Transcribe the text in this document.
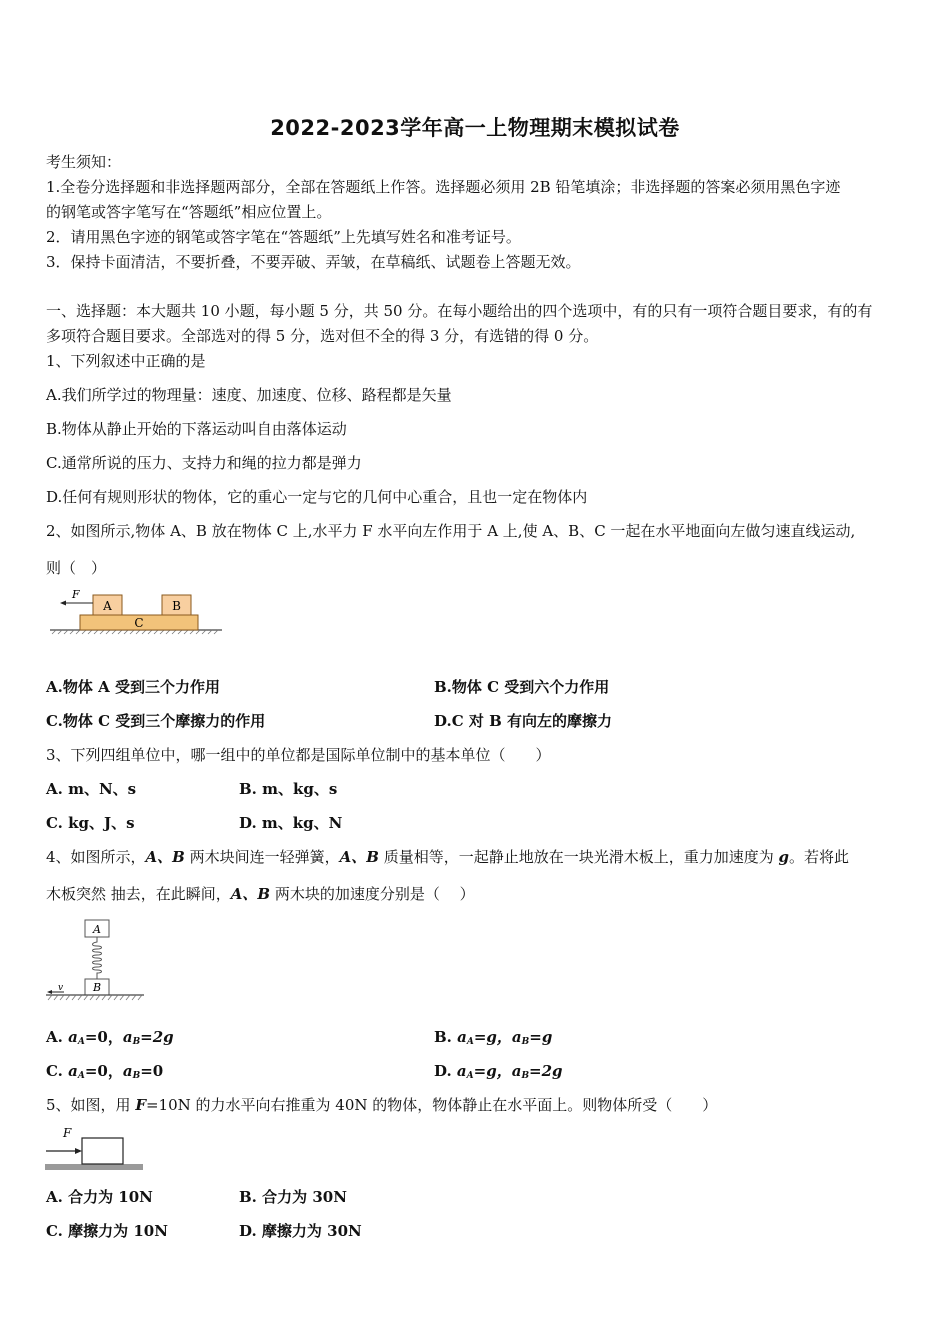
2022-2023学年高一上物理期末模拟试卷
考生须知：
1.全卷分选择题和非选择题两部分，全部在答题纸上作答。选择题必须用 2B 铅笔填涂；非选择题的答案必须用黑色字迹
的钢笔或答字笔写在“答题纸”相应位置上。
2．请用黑色字迹的钢笔或答字笔在“答题纸”上先填写姓名和准考证号。
3．保持卡面清洁，不要折叠，不要弄破、弄皱，在草稿纸、试题卷上答题无效。
一、选择题：本大题共 10 小题，每小题 5 分，共 50 分。在每小题给出的四个选项中，有的只有一项符合题目要求，有的有
多项符合题目要求。全部选对的得 5 分，选对但不全的得 3 分，有选错的得 0 分。
1、下列叙述中正确的是
A.我们所学过的物理量：速度、加速度、位移、路程都是矢量
B.物体从静止开始的下落运动叫自由落体运动
C.通常所说的压力、支持力和绳的拉力都是弹力
D.任何有规则形状的物体，它的重心一定与它的几何中心重合，且也一定在物体内
2、如图所示,物体 A、B 放在物体 C 上,水平力 F 水平向左作用于 A 上,使 A、B、C 一起在水平地面向左做匀速直线运动,
则（　）
C
A	B
F
A.物体 A 受到三个力作用	B.物体 C 受到六个力作用
C.物体 C 受到三个摩擦力的作用	D.C 对 B 有向左的摩擦力
3、下列四组单位中，哪一组中的单位都是国际单位制中的基本单位（　　）
A. m、N、s	B. m、kg、s
C. kg、J、s	D. m、kg、N
4、如图所示，A、B 两木块间连一轻弹簧，A、B 质量相等，一起静止地放在一块光滑木板上，重力加速度为 g。若将此
木板突然 抽去，在此瞬间，A、B 两木块的加速度分别是（　 ）
A
B
v
A. $a_A=0$，$a_B=2g$	B. $a_A=g$，$a_B=g$
C. $a_A=0$，$a_B=0$	D. $a_A=g$，$a_B=2g$
5、如图，用 F=10N 的力水平向右推重为 40N 的物体，物体静止在水平面上。则物体所受（　　）
F
A. 合力为 10N	B. 合力为 30N
C. 摩擦力为 10N	D. 摩擦力为 30N
